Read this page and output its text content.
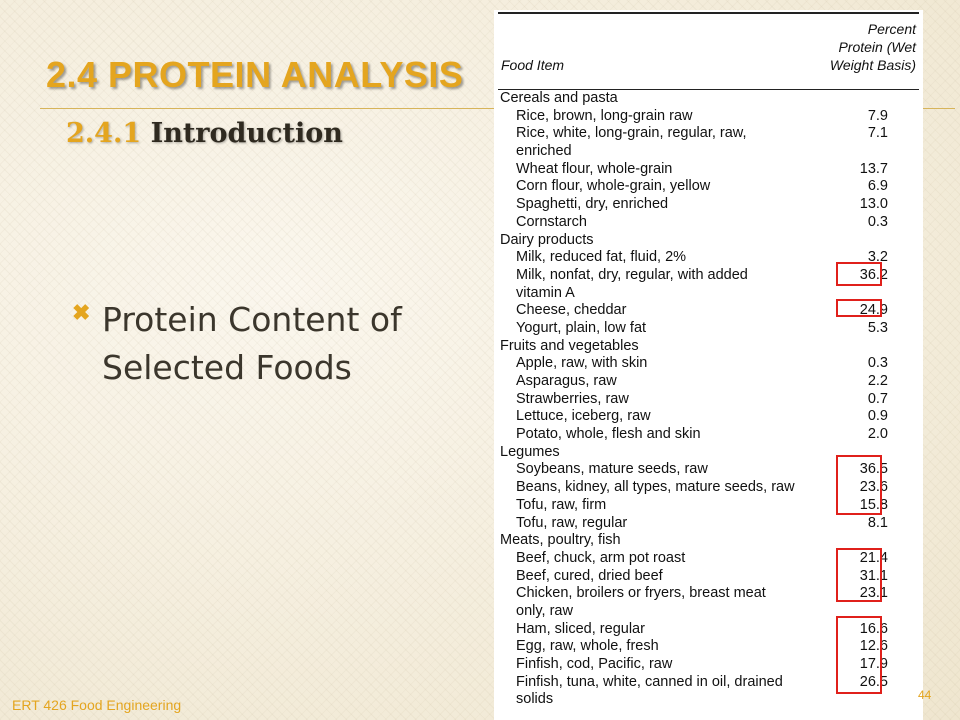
2.4 PROTEIN ANALYSIS
2.4.1 Introduction
✖ Protein Content of
Selected Foods
Food Item
Percent
Protein (Wet
Weight Basis)
Cereals and pasta
Rice, brown, long-grain raw	7.9
Rice, white, long-grain, regular, raw,	7.1
enriched
Wheat flour, whole-grain	13.7
Corn flour, whole-grain, yellow	6.9
Spaghetti, dry, enriched	13.0
Cornstarch	0.3
Dairy products
Milk, reduced fat, fluid, 2%	3.2
Milk, nonfat, dry, regular, with added	36.2
vitamin A
Cheese, cheddar	24.9
Yogurt, plain, low fat	5.3
Fruits and vegetables
Apple, raw, with skin	0.3
Asparagus, raw	2.2
Strawberries, raw	0.7
Lettuce, iceberg, raw	0.9
Potato, whole, flesh and skin	2.0
Legumes
Soybeans, mature seeds, raw	36.5
Beans, kidney, all types, mature seeds, raw	23.6
Tofu, raw, firm	15.8
Tofu, raw, regular	8.1
Meats, poultry, fish
Beef, chuck, arm pot roast	21.4
Beef, cured, dried beef	31.1
Chicken, broilers or fryers, breast meat	23.1
only, raw
Ham, sliced, regular	16.6
Egg, raw, whole, fresh	12.6
Finfish, cod, Pacific, raw	17.9
Finfish, tuna, white, canned in oil, drained	26.5
solids
ERT 426 Food Engineering
44
